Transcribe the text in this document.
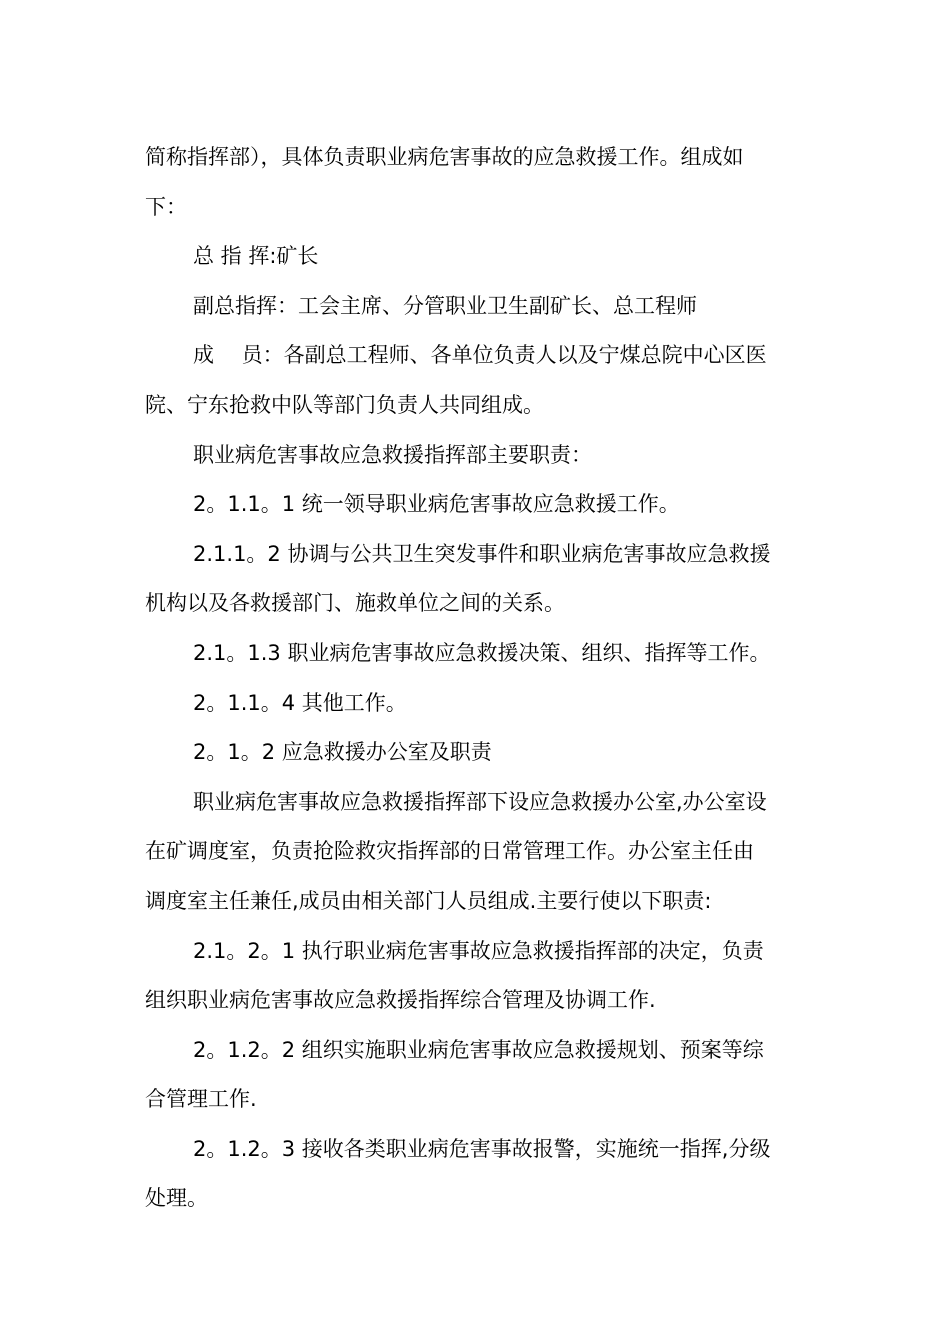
简称指挥部），具体负责职业病危害事故的应急救援工作。组成如
下：
总 指 挥:矿长
副总指挥：工会主席、分管职业卫生副矿长、总工程师
成 　员：各副总工程师、各单位负责人以及宁煤总院中心区医
院、宁东抢救中队等部门负责人共同组成。
职业病危害事故应急救援指挥部主要职责：
2。1.1。1 统一领导职业病危害事故应急救援工作。
2.1.1。2 协调与公共卫生突发事件和职业病危害事故应急救援
机构以及各救援部门、施救单位之间的关系。
2.1。1.3 职业病危害事故应急救援决策、组织、指挥等工作。
2。1.1。4 其他工作。
2。1。2 应急救援办公室及职责
职业病危害事故应急救援指挥部下设应急救援办公室,办公室设
在矿调度室，负责抢险救灾指挥部的日常管理工作。办公室主任由
调度室主任兼任,成员由相关部门人员组成.主要行使以下职责:
2.1。2。1 执行职业病危害事故应急救援指挥部的决定，负责
组织职业病危害事故应急救援指挥综合管理及协调工作.
2。1.2。2 组织实施职业病危害事故应急救援规划、预案等综
合管理工作.
2。1.2。3 接收各类职业病危害事故报警，实施统一指挥,分级
处理。
